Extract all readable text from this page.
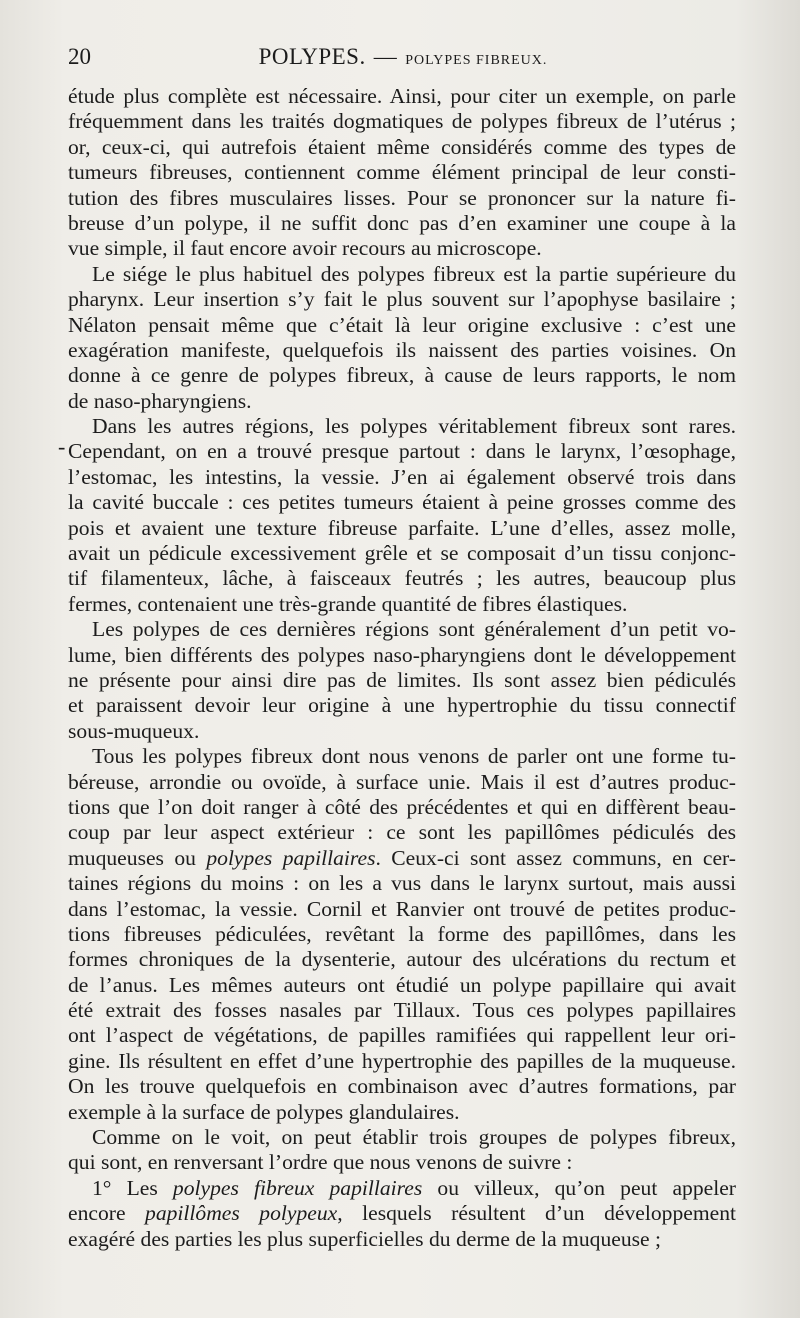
20	POLYPES. — POLYPES FIBREUX.
-
étude plus complète est nécessaire. Ainsi, pour citer un exemple, on parle
fréquemment dans les traités dogmatiques de polypes fibreux de l’utérus ;
or, ceux-ci, qui autrefois étaient même considérés comme des types de
tumeurs fibreuses, contiennent comme élément principal de leur consti-
tution des fibres musculaires lisses. Pour se prononcer sur la nature fi-
breuse d’un polype, il ne suffit donc pas d’en examiner une coupe à la
vue simple, il faut encore avoir recours au microscope.
Le siége le plus habituel des polypes fibreux est la partie supérieure du
pharynx. Leur insertion s’y fait le plus souvent sur l’apophyse basilaire ;
Nélaton pensait même que c’était là leur origine exclusive : c’est une
exagération manifeste, quelquefois ils naissent des parties voisines. On
donne à ce genre de polypes fibreux, à cause de leurs rapports, le nom
de naso-pharyngiens.
Dans les autres régions, les polypes véritablement fibreux sont rares.
Cependant, on en a trouvé presque partout : dans le larynx, l’œsophage,
l’estomac, les intestins, la vessie. J’en ai également observé trois dans
la cavité buccale : ces petites tumeurs étaient à peine grosses comme des
pois et avaient une texture fibreuse parfaite. L’une d’elles, assez molle,
avait un pédicule excessivement grêle et se composait d’un tissu conjonc-
tif filamenteux, lâche, à faisceaux feutrés ; les autres, beaucoup plus
fermes, contenaient une très-grande quantité de fibres élastiques.
Les polypes de ces dernières régions sont généralement d’un petit vo-
lume, bien différents des polypes naso-pharyngiens dont le développement
ne présente pour ainsi dire pas de limites. Ils sont assez bien pédiculés
et paraissent devoir leur origine à une hypertrophie du tissu connectif
sous-muqueux.
Tous les polypes fibreux dont nous venons de parler ont une forme tu-
béreuse, arrondie ou ovoïde, à surface unie. Mais il est d’autres produc-
tions que l’on doit ranger à côté des précédentes et qui en diffèrent beau-
coup par leur aspect extérieur : ce sont les papillômes pédiculés des
muqueuses ou polypes papillaires. Ceux-ci sont assez communs, en cer-
taines régions du moins : on les a vus dans le larynx surtout, mais aussi
dans l’estomac, la vessie. Cornil et Ranvier ont trouvé de petites produc-
tions fibreuses pédiculées, revêtant la forme des papillômes, dans les
formes chroniques de la dysenterie, autour des ulcérations du rectum et
de l’anus. Les mêmes auteurs ont étudié un polype papillaire qui avait
été extrait des fosses nasales par Tillaux. Tous ces polypes papillaires
ont l’aspect de végétations, de papilles ramifiées qui rappellent leur ori-
gine. Ils résultent en effet d’une hypertrophie des papilles de la muqueuse.
On les trouve quelquefois en combinaison avec d’autres formations, par
exemple à la surface de polypes glandulaires.
Comme on le voit, on peut établir trois groupes de polypes fibreux,
qui sont, en renversant l’ordre que nous venons de suivre :
1° Les polypes fibreux papillaires ou villeux, qu’on peut appeler
encore papillômes polypeux, lesquels résultent d’un développement
exagéré des parties les plus superficielles du derme de la muqueuse ;
